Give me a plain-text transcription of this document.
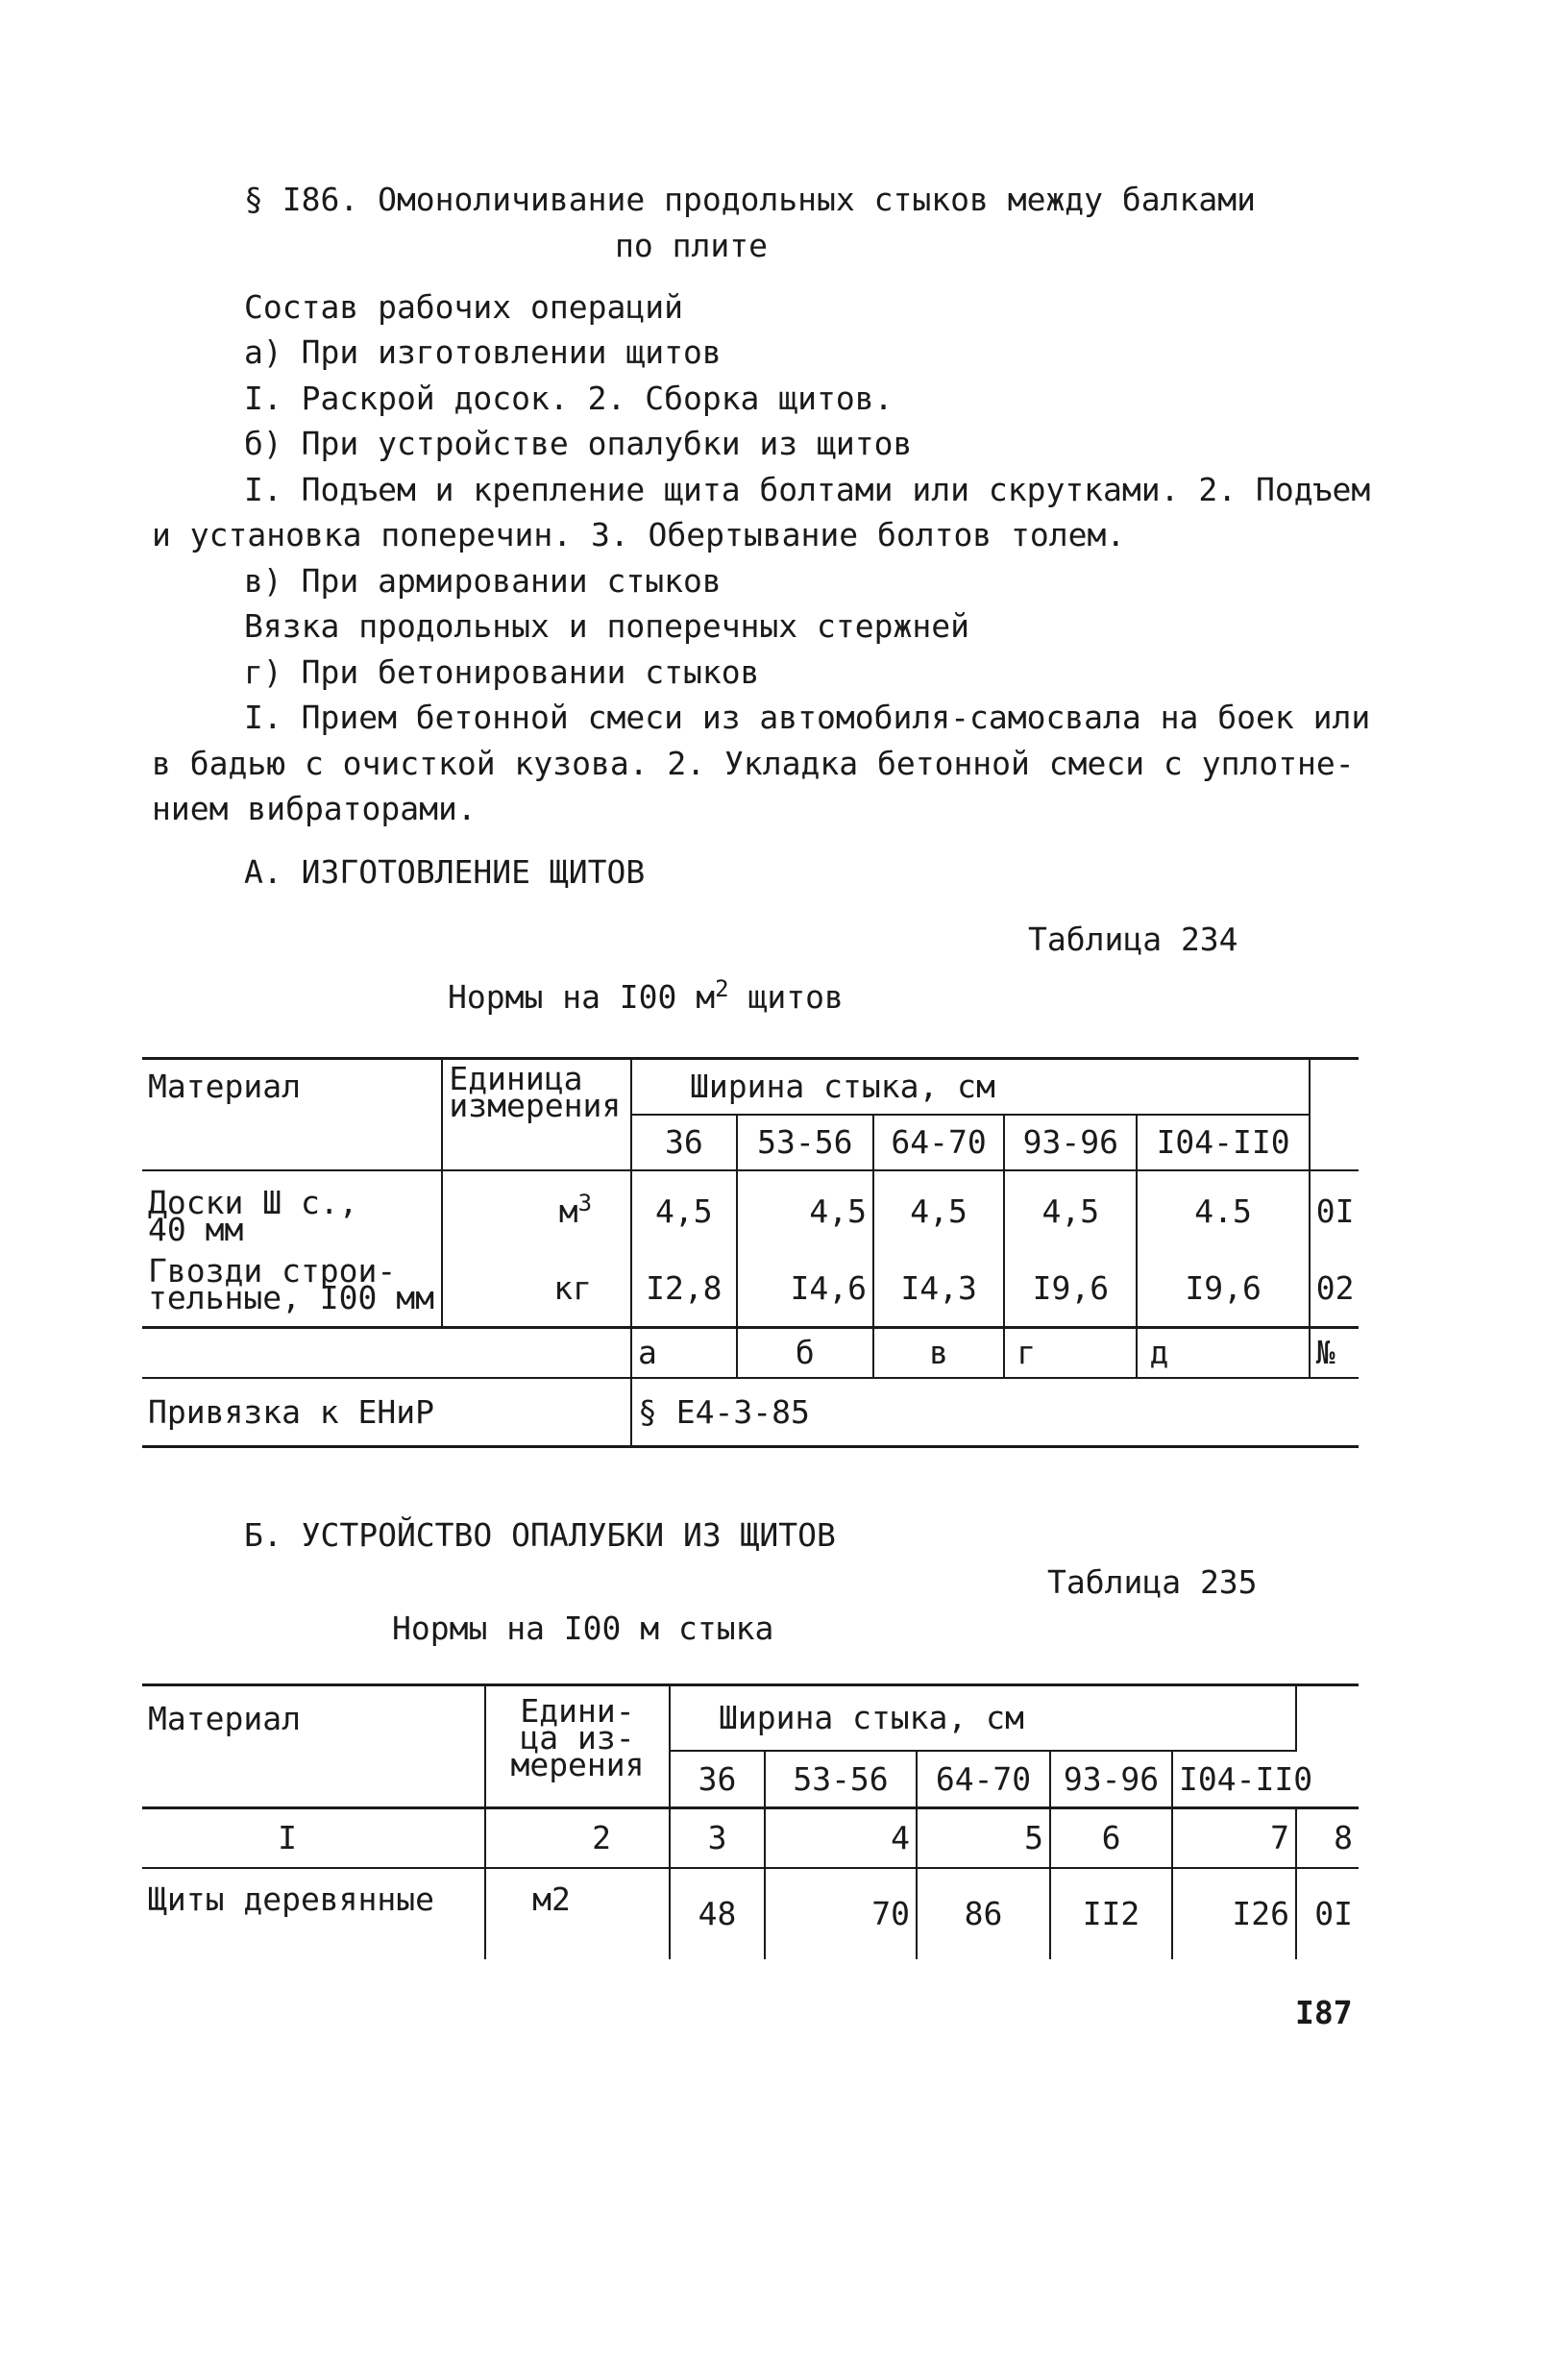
§ I86. Омоноличивание продольных стыков между балками
по плите
Состав рабочих операций
а) При изготовлении щитов
I. Раскрой досок. 2. Сборка щитов.
б) При устройстве опалубки из щитов
I. Подъем и крепление щита болтами или скрутками. 2. Подъем
и установка поперечин. 3. Обертывание болтов толем.
в) При армировании стыков
Вязка продольных и поперечных стержней
г) При бетонировании стыков
I. Прием бетонной смеси из автомобиля-самосвала на боек или
в бадью с очисткой кузова. 2. Укладка бетонной смеси с уплотне-
нием вибраторами.
А. ИЗГОТОВЛЕНИЕ ЩИТОВ
Таблица 234
Нормы на I00 $м^2$ щитов
Материал	Единица
измерения	Ширина стыка, см					
		36	53-56	64-70	93-96	I04-II0	

Доски Ш с.,
40 мм	$м^3$	4,5	4,5	4,5	4,5	4.5	0I

Гвозди строи-
тельные, I00 мм	кг	I2,8	I4,6	I4,3	I9,6	I9,6	02
		а	б	в	г	д	№
Привязка к ЕНиР		§ Е4-3-85					
Б. УСТРОЙСТВО ОПАЛУБКИ ИЗ ЩИТОВ
Таблица 235
Нормы на I00 м стыка
Материал	Едини-
ца из-
мерения	Ширина стыка, см					
		36	53-56	64-70	93-96	I04-II0	
I	2	3	4	5	6	7	8
Щиты деревянные	м2	48	70	86	II2	I26	0I
I87
